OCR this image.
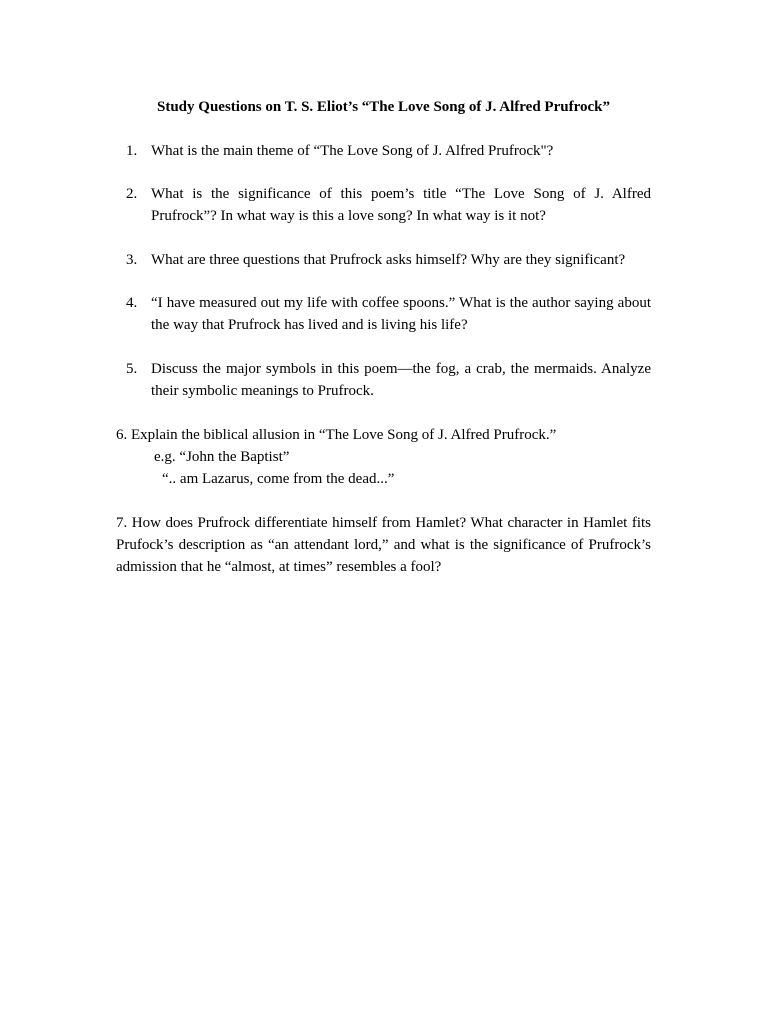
Study Questions on T. S. Eliot’s “The Love Song of J. Alfred Prufrock”

1. What is the main theme of “The Love Song of J. Alfred Prufrock"?
2. What is the significance of this poem’s title “The Love Song of J. Alfred Prufrock”? In what way is this a love song? In what way is it not?
3. What are three questions that Prufrock asks himself? Why are they significant?
4. “I have measured out my life with coffee spoons.” What is the author saying about the way that Prufrock has lived and is living his life?
5. Discuss the major symbols in this poem—the fog, a crab, the mermaids. Analyze their symbolic meanings to Prufrock.
6. Explain the biblical allusion in “The Love Song of J. Alfred Prufrock.”
e.g. “John the Baptist”
“.. am Lazarus, come from the dead...”
7. How does Prufrock differentiate himself from Hamlet? What character in Hamlet fits Prufock’s description as “an attendant lord,” and what is the significance of Prufrock’s admission that he “almost, at times” resembles a fool?
